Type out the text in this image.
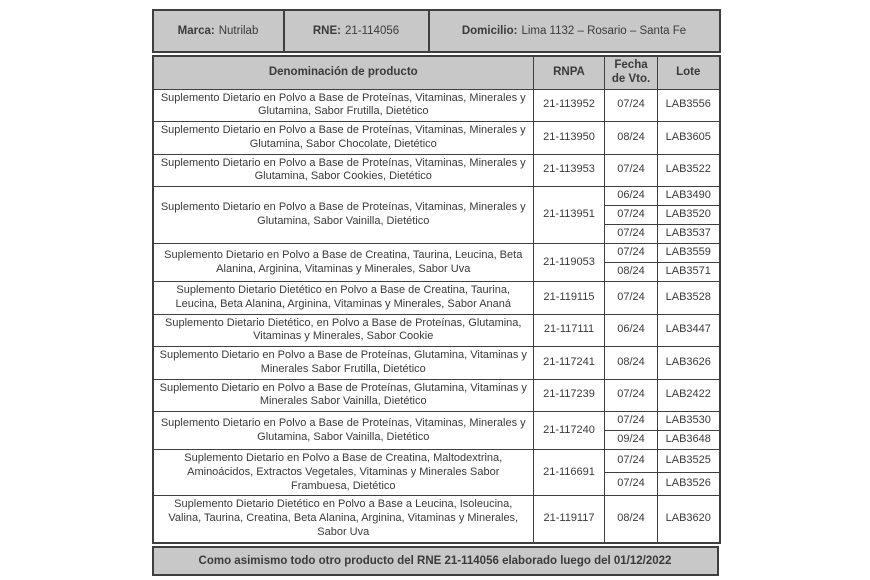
Marca: Nutrilab	RNE: 21-114056	Domicilio: Lima 1132 – Rosario – Santa Fe
Denominación de producto	RNPA	Fecha de Vto.	Lote
Suplemento Dietario en Polvo a Base de Proteínas, Vitaminas, Minerales y Glutamina, Sabor Frutilla, Dietético	21-113952	07/24	LAB3556
Suplemento Dietario en Polvo a Base de Proteínas, Vitaminas, Minerales y Glutamina, Sabor Chocolate, Dietético	21-113950	08/24	LAB3605
Suplemento Dietario en Polvo a Base de Proteínas, Vitaminas, Minerales y Glutamina, Sabor Cookies, Dietético	21-113953	07/24	LAB3522
Suplemento Dietario en Polvo a Base de Proteínas, Vitaminas, Minerales y Glutamina, Sabor Vainilla, Dietético	21-113951	06/24	LAB3490
		07/24	LAB3520
		07/24	LAB3537
Suplemento Dietario en Polvo a Base de Creatina, Taurina, Leucina, Beta Alanina, Arginina, Vitaminas y Minerales, Sabor Uva	21-119053	07/24	LAB3559
		08/24	LAB3571
Suplemento Dietario Dietético en Polvo a Base de Creatina, Taurina, Leucina, Beta Alanina, Arginina, Vitaminas y Minerales, Sabor Ananá	21-119115	07/24	LAB3528
Suplemento Dietario Dietético, en Polvo a Base de Proteínas, Glutamina, Vitaminas y Minerales, Sabor Cookie	21-117111	06/24	LAB3447
Suplemento Dietario en Polvo a Base de Proteínas, Glutamina, Vitaminas y Minerales Sabor Frutilla, Dietético	21-117241	08/24	LAB3626
Suplemento Dietario en Polvo a Base de Proteínas, Glutamina, Vitaminas y Minerales Sabor Vainilla, Dietético	21-117239	07/24	LAB2422
Suplemento Dietario en Polvo a Base de Proteínas, Vitaminas, Minerales y Glutamina, Sabor Vainilla, Dietético	21-117240	07/24	LAB3530
		09/24	LAB3648
Suplemento Dietario en Polvo a Base de Creatina, Maltodextrina, Aminoácidos, Extractos Vegetales, Vitaminas y Minerales Sabor Frambuesa, Dietético	21-116691	07/24	LAB3525
		07/24	LAB3526
Suplemento Dietario Dietético en Polvo a Base a Leucina, Isoleucina, Valina, Taurina, Creatina, Beta Alanina, Arginina, Vitaminas y Minerales, Sabor Uva	21-119117	08/24	LAB3620
Como asimismo todo otro producto del RNE 21-114056 elaborado luego del 01/12/2022
